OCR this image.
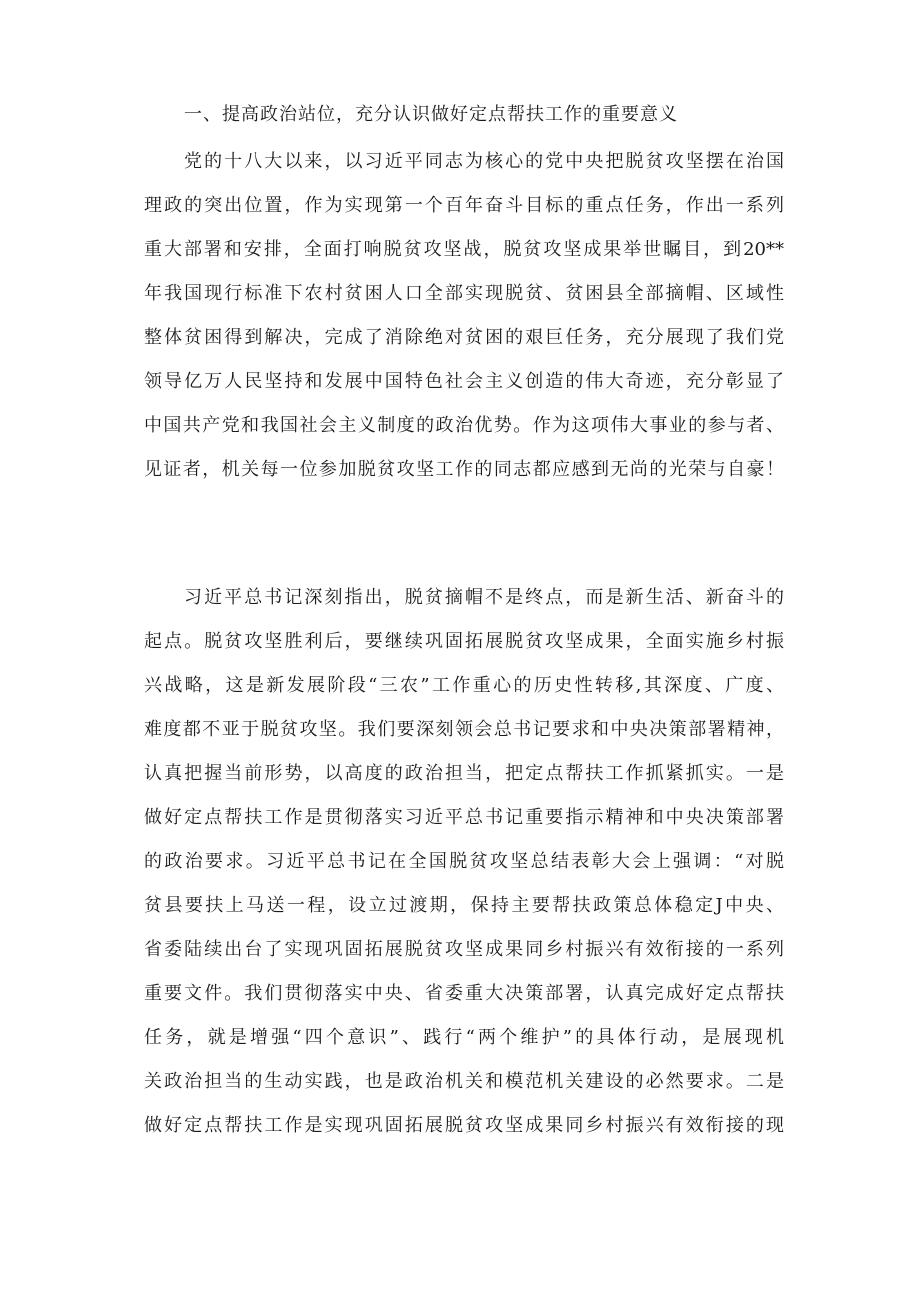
一、提高政治站位，充分认识做好定点帮扶工作的重要意义
党的十八大以来，以习近平同志为核心的党中央把脱贫攻坚摆在治国
理政的突出位置，作为实现第一个百年奋斗目标的重点任务，作出一系列
重大部署和安排，全面打响脱贫攻坚战，脱贫攻坚成果举世瞩目，到20**
年我国现行标准下农村贫困人口全部实现脱贫、贫困县全部摘帽、区域性
整体贫困得到解决，完成了消除绝对贫困的艰巨任务，充分展现了我们党
领导亿万人民坚持和发展中国特色社会主义创造的伟大奇迹，充分彰显了
中国共产党和我国社会主义制度的政治优势。作为这项伟大事业的参与者、
见证者，机关每一位参加脱贫攻坚工作的同志都应感到无尚的光荣与自豪！
习近平总书记深刻指出，脱贫摘帽不是终点，而是新生活、新奋斗的
起点。脱贫攻坚胜利后，要继续巩固拓展脱贫攻坚成果，全面实施乡村振
兴战略，这是新发展阶段“三农”工作重心的历史性转移,其深度、广度、
难度都不亚于脱贫攻坚。我们要深刻领会总书记要求和中央决策部署精神，
认真把握当前形势，以高度的政治担当，把定点帮扶工作抓紧抓实。一是
做好定点帮扶工作是贯彻落实习近平总书记重要指示精神和中央决策部署
的政治要求。习近平总书记在全国脱贫攻坚总结表彰大会上强调：“对脱
贫县要扶上马送一程，设立过渡期，保持主要帮扶政策总体稳定J中央、
省委陆续出台了实现巩固拓展脱贫攻坚成果同乡村振兴有效衔接的一系列
重要文件。我们贯彻落实中央、省委重大决策部署，认真完成好定点帮扶
任务，就是增强“四个意识”、践行“两个维护”的具体行动，是展现机
关政治担当的生动实践，也是政治机关和模范机关建设的必然要求。二是
做好定点帮扶工作是实现巩固拓展脱贫攻坚成果同乡村振兴有效衔接的现
